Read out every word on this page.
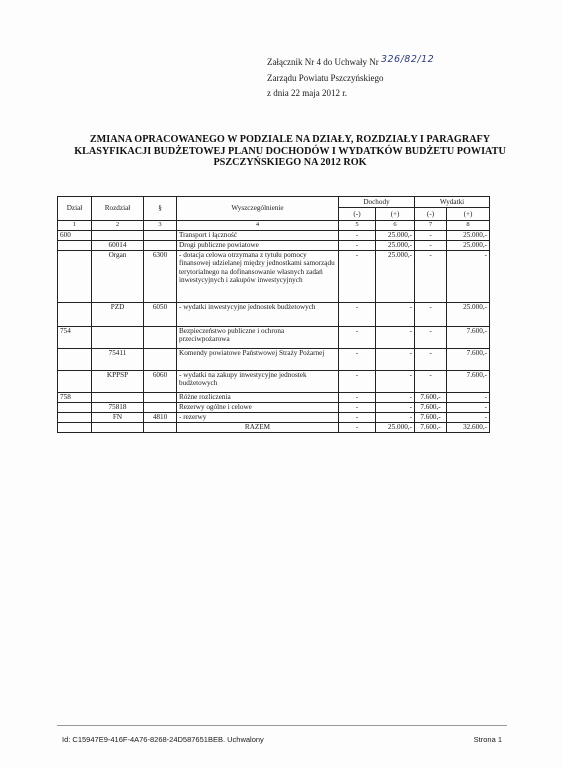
Załącznik Nr 4 do Uchwały Nr 326/82/12
Zarządu Powiatu Pszczyńskiego
z dnia 22 maja 2012 r.
ZMIANA OPRACOWANEGO W PODZIALE NA DZIAŁY, ROZDZIAŁY I PARAGRAFY
KLASYFIKACJI BUDŻETOWEJ PLANU DOCHODÓW I WYDATKÓW BUDŻETU POWIATU
PSZCZYŃSKIEGO NA 2012 ROK
Dział	Rozdział	§	Wyszczególnienie	Dochody		Wydatki	
				(-)	(+)	(-)	(+)
1	2	3	4	5	6	7	8
600			Transport i łączność	-	25.000,-	-	25.000,-
	60014		Drogi publiczne powiatowe	-	25.000,-	-	25.000,-
	Organ	6300	- dotacja celowa otrzymana z tytułu pomocy finansowej udzielanej między jednostkami samorządu terytorialnego na dofinansowanie własnych zadań inwestycyjnych i zakupów inwestycyjnych	-	25.000,-	-	-
	PZD	6050	- wydatki inwestycyjne jednostek budżetowych	-	-	-	25.000,-
754			Bezpieczeństwo publiczne i ochrona przeciwpożarowa	-	-	-	7.600,-
	75411		Komendy powiatowe Państwowej Straży Pożarnej	-	-	-	7.600,-
	KPPSP	6060	- wydatki na zakupy inwestycyjne jednostek budżetowych	-	-	-	7.600,-
758			Różne rozliczenia	-	-	7.600,-	-
	75818		Rezerwy ogólne i celowe	-	-	7.600,-	-
	FN	4810	- rezerwy	-	-	7.600,-	-
			RAZEM	-	25.000,-	7.600,-	32.600,-
Id: C15947E9-416F-4A76-8268-24D587651BEB. Uchwalony	Strona 1
